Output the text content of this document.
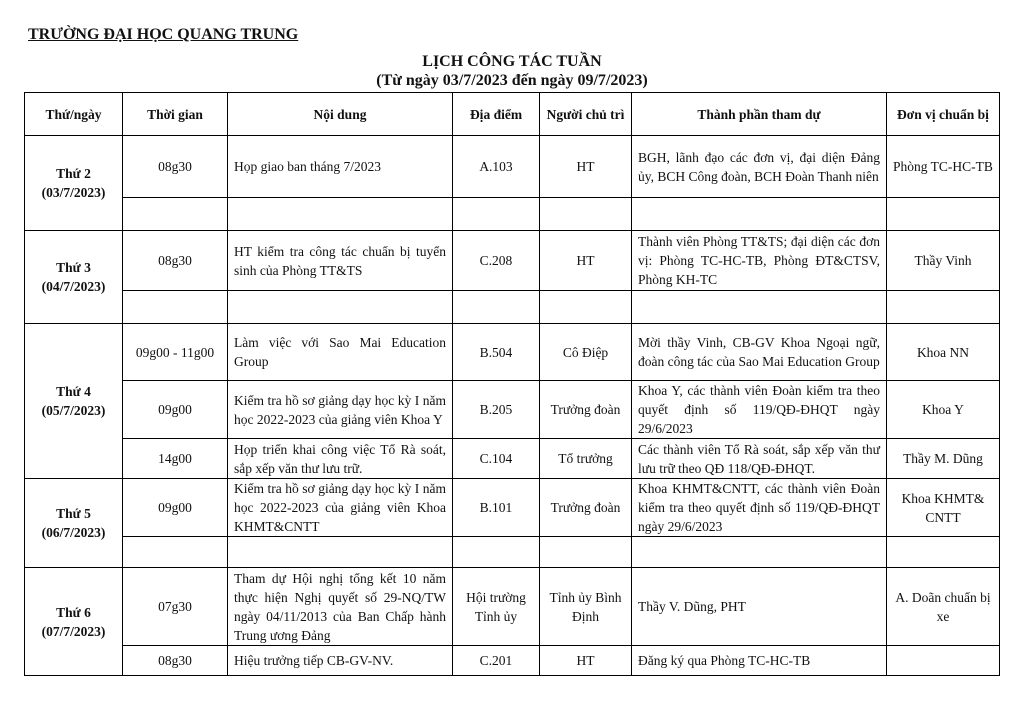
TRƯỜNG ĐẠI HỌC QUANG TRUNG
LỊCH CÔNG TÁC TUẦN
(Từ ngày 03/7/2023 đến ngày 09/7/2023)
Thứ/ngày	Thời gian	Nội dung	Địa điểm	Người chủ trì	Thành phần tham dự	Đơn vị chuẩn bị

Thứ 2
(03/7/2023)	08g30	Họp giao ban tháng 7/2023	A.103	HT	BGH, lãnh đạo các đơn vị, đại diện Đảng ủy, BCH Công đoàn, BCH Đoàn Thanh niên	Phòng TC-HC-TB

Thứ 3
(04/7/2023)	08g30	HT kiểm tra công tác chuẩn bị tuyển sinh của Phòng TT&TS	C.208	HT	Thành viên Phòng TT&TS; đại diện các đơn vị: Phòng TC-HC-TB, Phòng ĐT&CTSV, Phòng KH-TC	Thầy Vinh

Thứ 4
(05/7/2023)	09g00 - 11g00	Làm việc với Sao Mai Education Group	B.504	Cô Điệp	Mời thầy Vinh, CB-GV Khoa Ngoại ngữ, đoàn công tác của Sao Mai Education Group	Khoa NN
	09g00	Kiểm tra hồ sơ giảng dạy học kỳ I năm học 2022-2023 của giảng viên Khoa Y	B.205	Trưởng đoàn	Khoa Y, các thành viên Đoàn kiểm tra theo quyết định số 119/QĐ-ĐHQT ngày 29/6/2023	Khoa Y
	14g00	Họp triển khai công việc Tổ Rà soát, sắp xếp văn thư lưu trữ.	C.104	Tổ trưởng	Các thành viên Tổ Rà soát, sắp xếp văn thư lưu trữ theo QĐ 118/QĐ-ĐHQT.	Thầy M. Dũng

Thứ 5
(06/7/2023)	09g00	Kiểm tra hồ sơ giảng dạy học kỳ I năm học 2022-2023 của giảng viên Khoa KHMT&CNTT	B.101	Trưởng đoàn	Khoa KHMT&CNTT, các thành viên Đoàn kiểm tra theo quyết định số 119/QĐ-ĐHQT ngày 29/6/2023	Khoa KHMT& CNTT

Thứ 6
(07/7/2023)	07g30	Tham dự Hội nghị tổng kết 10 năm thực hiện Nghị quyết số 29-NQ/TW ngày 04/11/2013 của Ban Chấp hành Trung ương Đảng	Hội trường Tỉnh ủy	Tỉnh ủy Bình Định	Thầy V. Dũng, PHT	A. Doãn chuẩn bị xe
	08g30	Hiệu trưởng tiếp CB-GV-NV.	C.201	HT	Đăng ký qua Phòng TC-HC-TB	
